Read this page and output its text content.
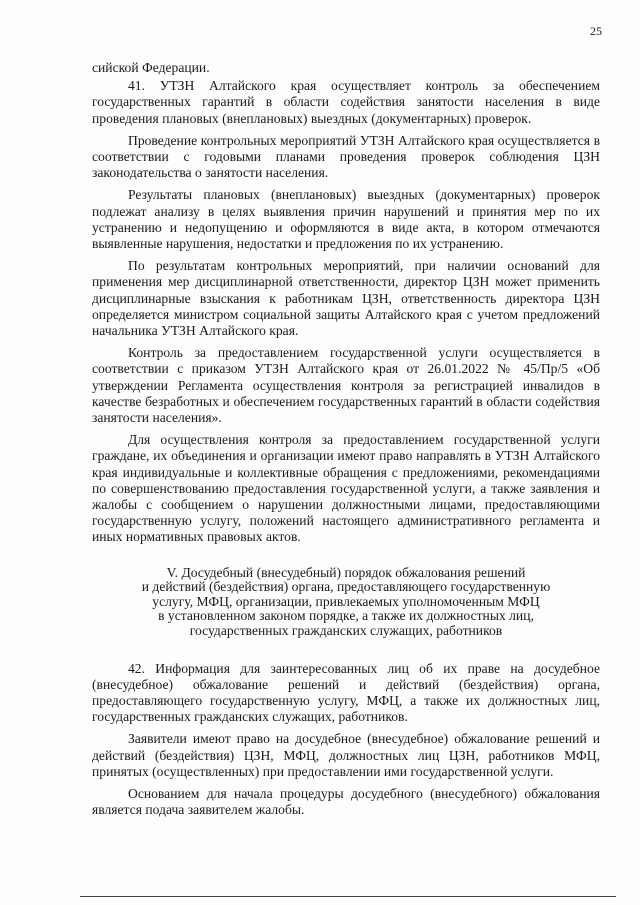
25

сийской Федерации.

41. УТЗН Алтайского края осуществляет контроль за обеспечением государственных гарантий в области содействия занятости населения в виде проведения плановых (внеплановых) выездных (документарных) проверок.

Проведение контрольных мероприятий УТЗН Алтайского края осуществляется в соответствии с годовыми планами проведения проверок соблюдения ЦЗН законодательства о занятости населения.

Результаты плановых (внеплановых) выездных (документарных) проверок подлежат анализу в целях выявления причин нарушений и принятия мер по их устранению и недопущению и оформляются в виде акта, в котором отмечаются выявленные нарушения, недостатки и предложения по их устранению.

По результатам контрольных мероприятий, при наличии оснований для применения мер дисциплинарной ответственности, директор ЦЗН может применить дисциплинарные взыскания к работникам ЦЗН, ответственность директора ЦЗН определяется министром социальной защиты Алтайского края с учетом предложений начальника УТЗН Алтайского края.

Контроль за предоставлением государственной услуги осуществляется в соответствии с приказом УТЗН Алтайского края от 26.01.2022 № 45/Пр/5 «Об утверждении Регламента осуществления контроля за регистрацией инвалидов в качестве безработных и обеспечением государственных гарантий в области содействия занятости населения».

Для осуществления контроля за предоставлением государственной услуги граждане, их объединения и организации имеют право направлять в УТЗН Алтайского края индивидуальные и коллективные обращения с предложениями, рекомендациями по совершенствованию предоставления государственной услуги, а также заявления и жалобы с сообщением о нарушении должностными лицами, предоставляющими государственную услугу, положений настоящего административного регламента и иных нормативных правовых актов.

V. Досудебный (внесудебный) порядок обжалования решений
и действий (бездействия) органа, предоставляющего государственную
услугу, МФЦ, организации, привлекаемых уполномоченным МФЦ
в установленном законом порядке, а также их должностных лиц,
государственных гражданских служащих, работников

42. Информация для заинтересованных лиц об их праве на досудебное (внесудебное) обжалование решений и действий (бездействия) органа, предоставляющего государственную услугу, МФЦ, а также их должностных лиц, государственных гражданских служащих, работников.

Заявители имеют право на досудебное (внесудебное) обжалование решений и действий (бездействия) ЦЗН, МФЦ, должностных лиц ЦЗН, работников МФЦ, принятых (осуществленных) при предоставлении ими государственной услуги.

Основанием для начала процедуры досудебного (внесудебного) обжалования является подача заявителем жалобы.
